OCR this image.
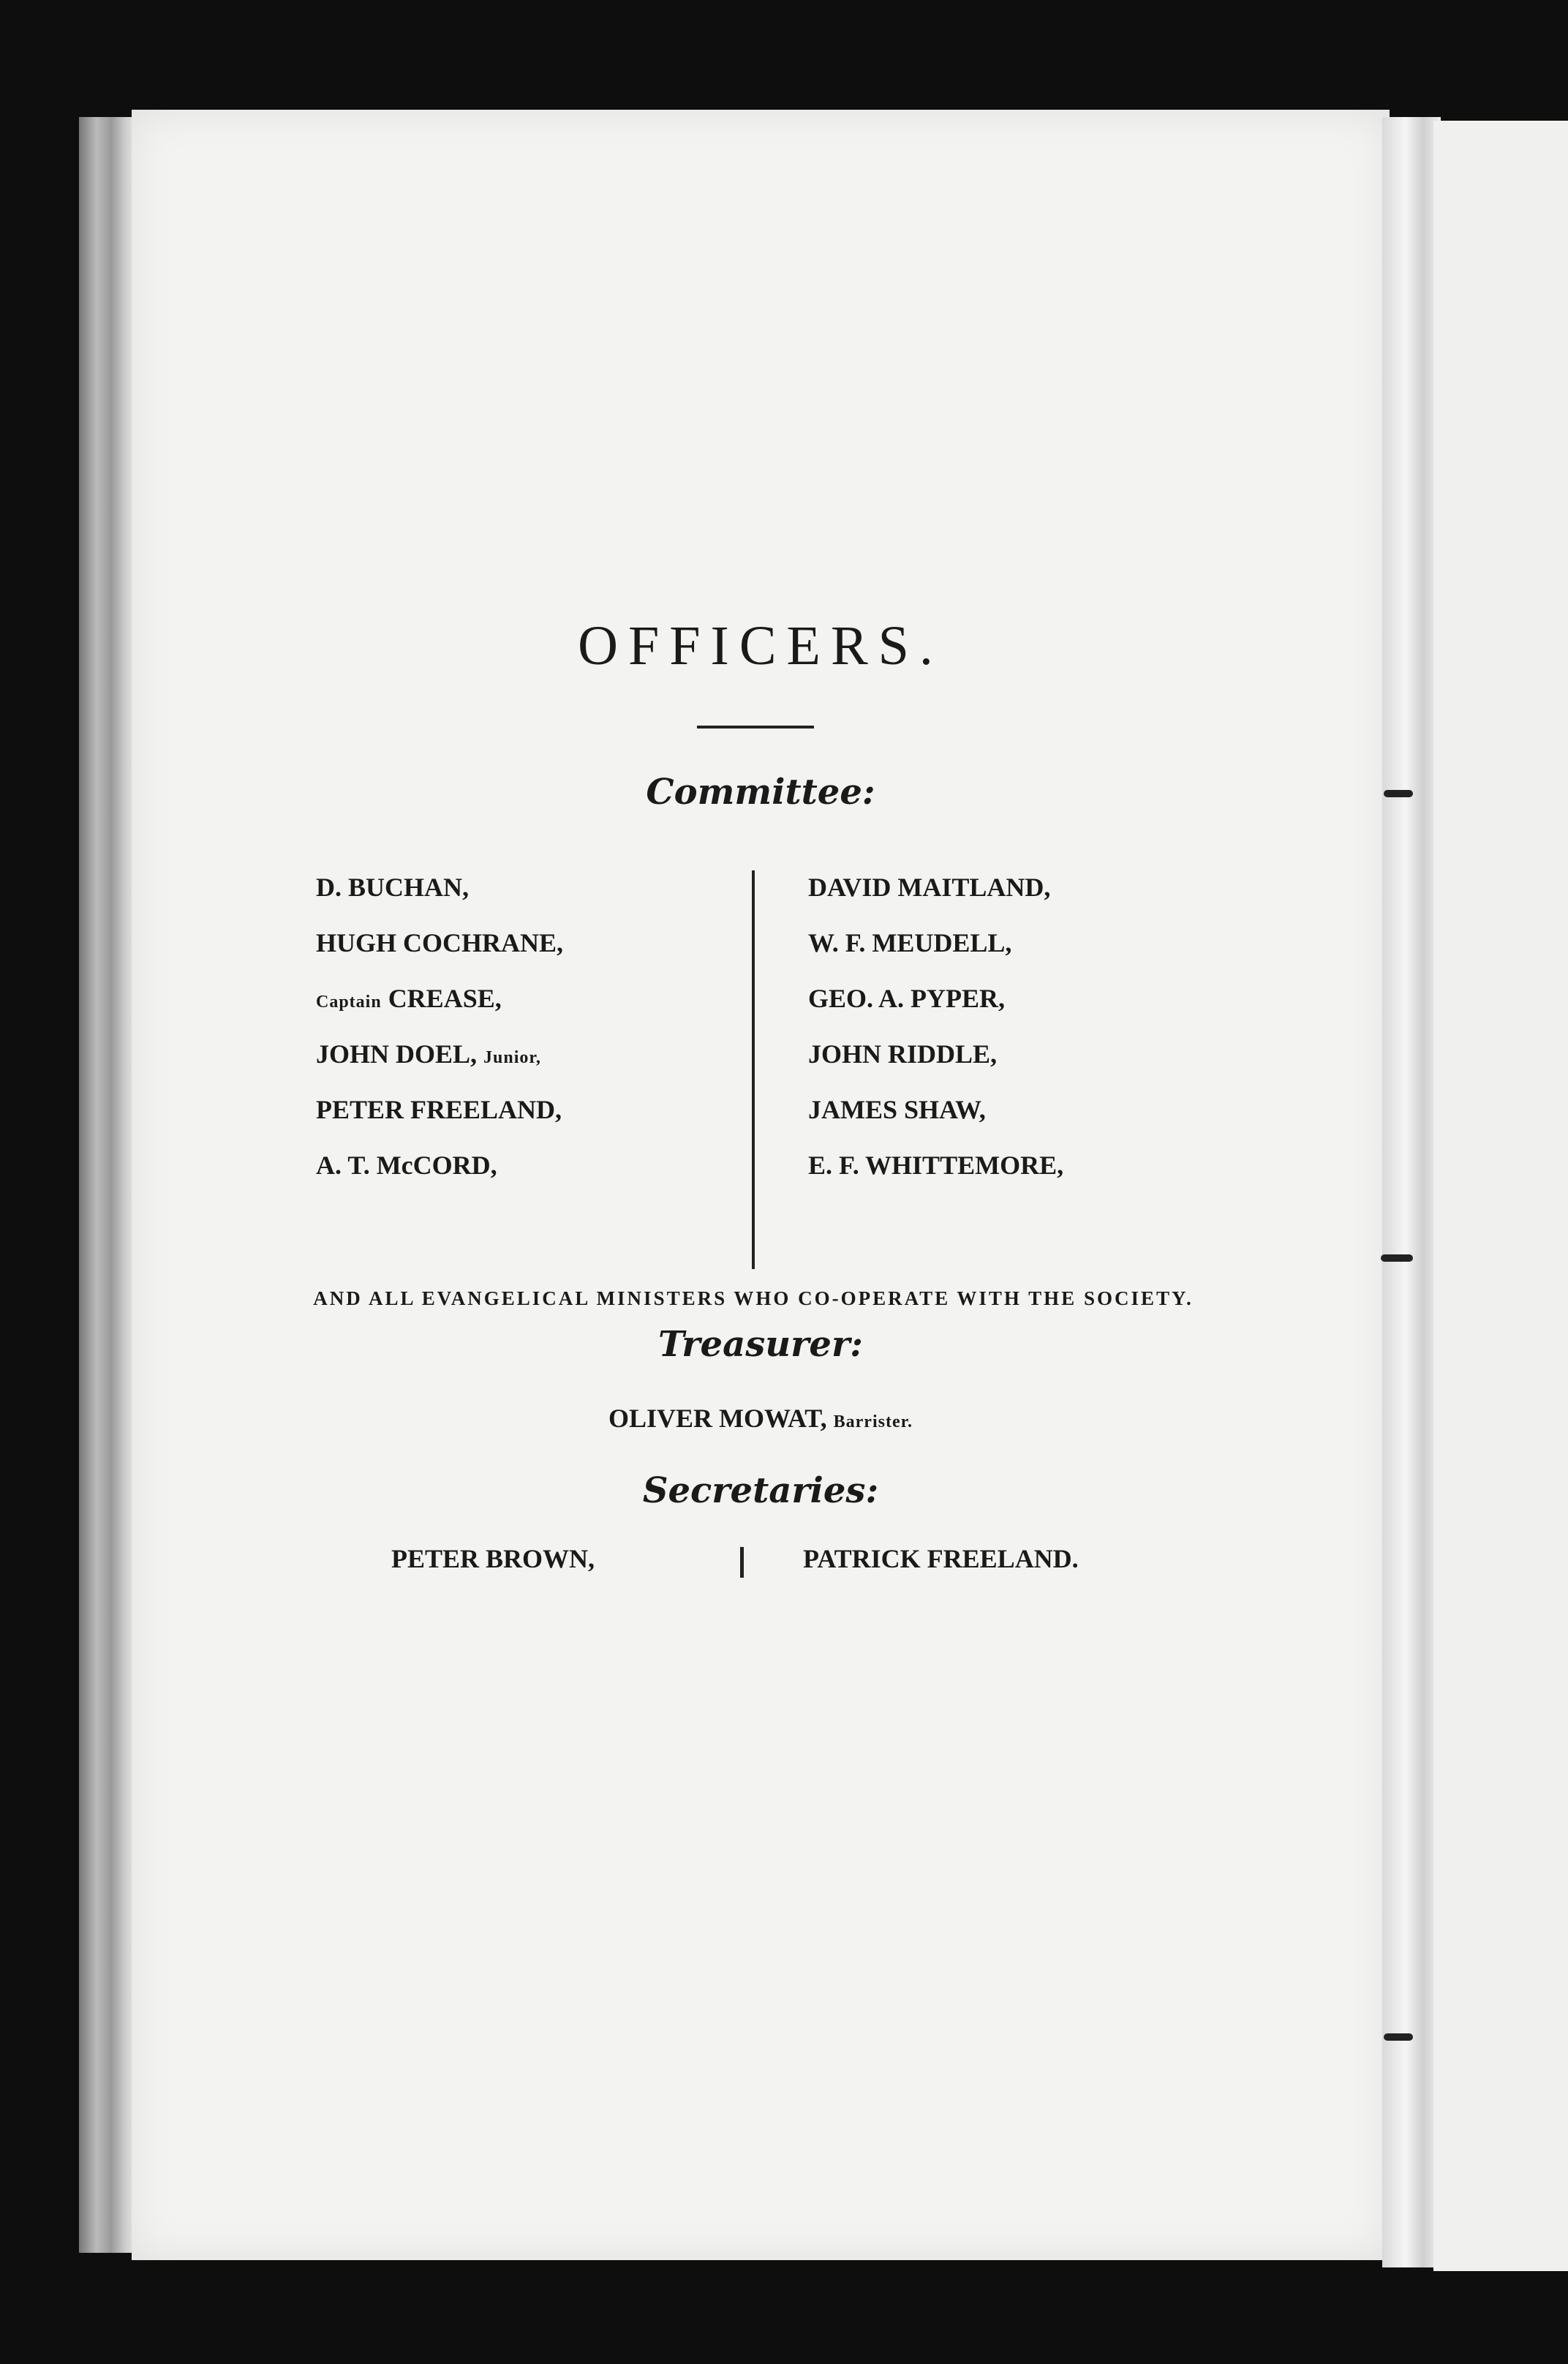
OFFICERS.
Committee:
D. BUCHAN,
HUGH COCHRANE,
Captain CREASE,
JOHN DOEL, Junior,
PETER FREELAND,
A. T. McCORD,
DAVID MAITLAND,
W. F. MEUDELL,
GEO. A. PYPER,
JOHN RIDDLE,
JAMES SHAW,
E. F. WHITTEMORE,
AND ALL EVANGELICAL MINISTERS WHO CO-OPERATE WITH THE SOCIETY.
Treasurer:
OLIVER MOWAT, Barrister.
Secretaries:
PETER BROWN,	PATRICK FREELAND.
